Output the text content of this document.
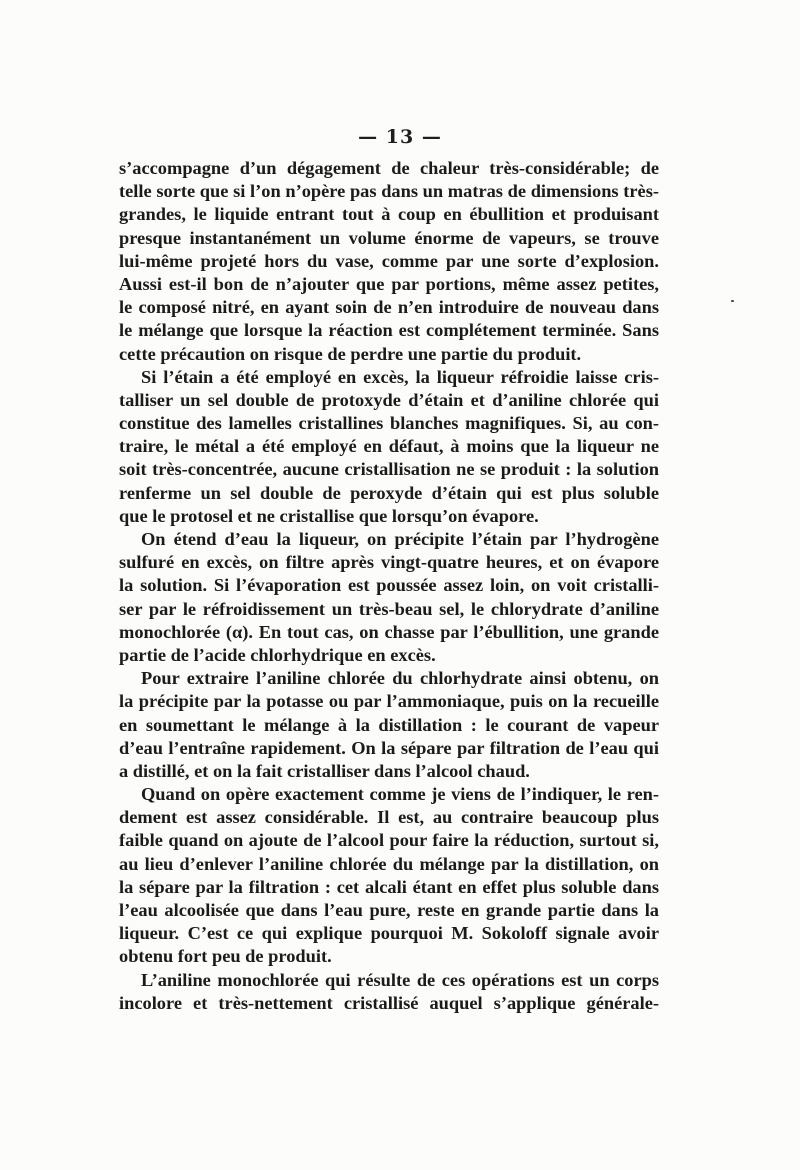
— 13 —
s’accompagne d’un dégagement de chaleur très-considérable; de
telle sorte que si l’on n’opère pas dans un matras de dimensions très-
grandes, le liquide entrant tout à coup en ébullition et produisant
presque instantanément un volume énorme de vapeurs, se trouve
lui-même projeté hors du vase, comme par une sorte d’explosion.
Aussi est-il bon de n’ajouter que par portions, même assez petites,
le composé nitré, en ayant soin de n’en introduire de nouveau dans
le mélange que lorsque la réaction est complétement terminée. Sans
cette précaution on risque de perdre une partie du produit.
Si l’étain a été employé en excès, la liqueur réfroidie laisse cris-
talliser un sel double de protoxyde d’étain et d’aniline chlorée qui
constitue des lamelles cristallines blanches magnifiques. Si, au con-
traire, le métal a été employé en défaut, à moins que la liqueur ne
soit très-concentrée, aucune cristallisation ne se produit : la solution
renferme un sel double de peroxyde d’étain qui est plus soluble
que le protosel et ne cristallise que lorsqu’on évapore.
On étend d’eau la liqueur, on précipite l’étain par l’hydrogène
sulfuré en excès, on filtre après vingt-quatre heures, et on évapore
la solution. Si l’évaporation est poussée assez loin, on voit cristalli-
ser par le réfroidissement un très-beau sel, le chlorydrate d’aniline
monochlorée (α). En tout cas, on chasse par l’ébullition, une grande
partie de l’acide chlorhydrique en excès.
Pour extraire l’aniline chlorée du chlorhydrate ainsi obtenu, on
la précipite par la potasse ou par l’ammoniaque, puis on la recueille
en soumettant le mélange à la distillation : le courant de vapeur
d’eau l’entraîne rapidement. On la sépare par filtration de l’eau qui
a distillé, et on la fait cristalliser dans l’alcool chaud.
Quand on opère exactement comme je viens de l’indiquer, le ren-
dement est assez considérable. Il est, au contraire beaucoup plus
faible quand on ajoute de l’alcool pour faire la réduction, surtout si,
au lieu d’enlever l’aniline chlorée du mélange par la distillation, on
la sépare par la filtration : cet alcali étant en effet plus soluble dans
l’eau alcoolisée que dans l’eau pure, reste en grande partie dans la
liqueur. C’est ce qui explique pourquoi M. Sokoloff signale avoir
obtenu fort peu de produit.
L’aniline monochlorée qui résulte de ces opérations est un corps
incolore et très-nettement cristallisé auquel s’applique générale-
